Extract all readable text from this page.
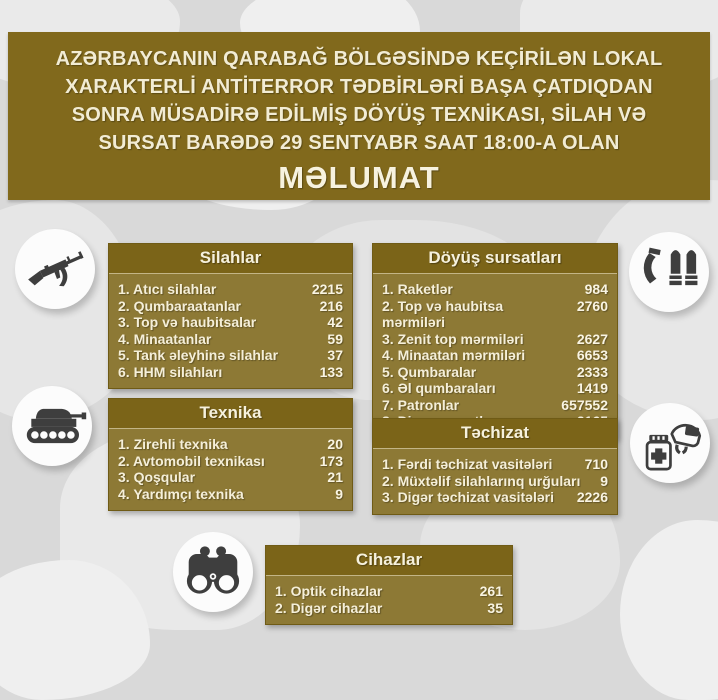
AZƏRBAYCANIN QARABAĞ BÖLGƏSİNDƏ KEÇİRİLƏN LOKAL
XARAKTERLİ ANTİTERROR TƏDBİRLƏRİ BAŞA ÇATDIQDAN
SONRA MÜSADİRƏ EDİLMİŞ DÖYÜŞ TEXNİKASI, SİLAH VƏ
SURSAT BARƏDƏ 29 SENTYABR SAAT 18:00-A OLAN
MƏLUMAT
Silahlar
1. Atıcı silahlar	2215
2. Qumbaraatanlar	216
3. Top və haubitsalar	42
4. Minaatanlar	59
5. Tank əleyhinə silahlar	37
6. HHM silahları	133
Döyüş sursatları
1. Raketlər	984
2. Top və haubitsa mərmiləri
2760
3. Zenit top mərmiləri	2627
4. Minaatan mərmiləri	6653
5. Qumbaralar	2333
6. Əl qumbaraları	1419
7. Patronlar	657552
Texnika
1. Zirehli texnika	20
2. Avtomobil texnikası	173
3. Qoşqular	21
4. Yardımçı texnika	9
Təchizat
1. Fərdi təchizat vasitələri 710
2. Müxtəlif silahlarınq urğuları 9
3. Digər təchizat vasitələri 2226
Cihazlar
1. Optik cihazlar	261
2. Digər cihazlar	35
